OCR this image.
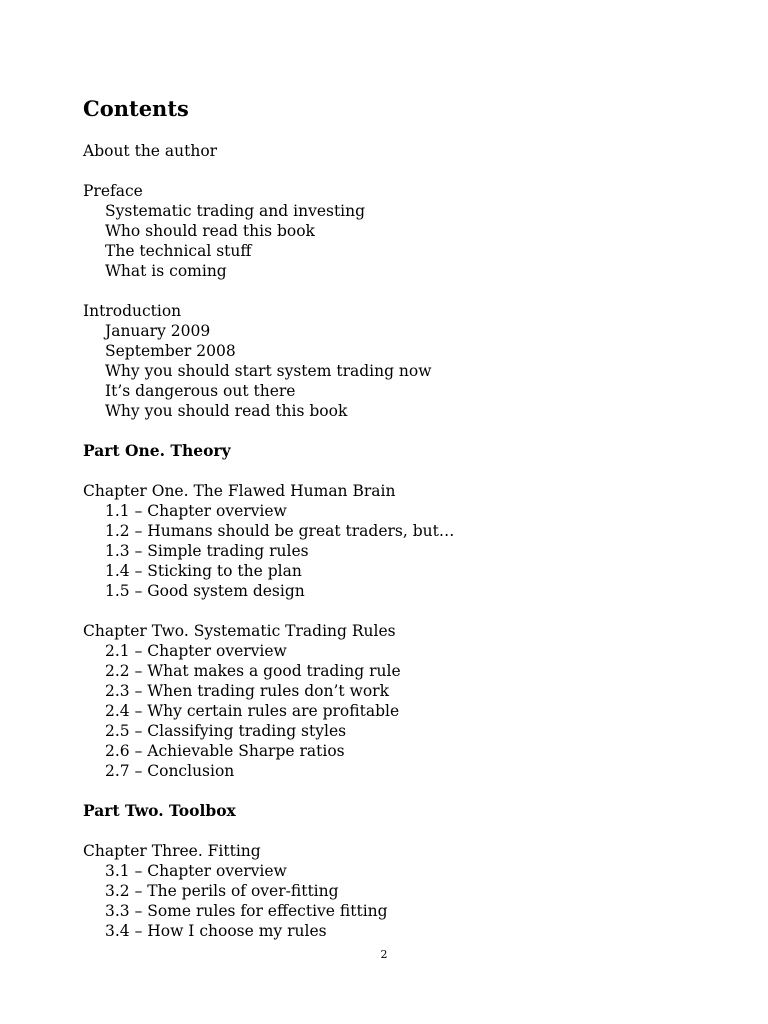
Contents
About the author
Preface
Systematic trading and investing
Who should read this book
The technical stuff
What is coming
Introduction
January 2009
September 2008
Why you should start system trading now
It’s dangerous out there
Why you should read this book
Part One. Theory
Chapter One. The Flawed Human Brain
1.1 – Chapter overview
1.2 – Humans should be great traders, but…
1.3 – Simple trading rules
1.4 – Sticking to the plan
1.5 – Good system design
Chapter Two. Systematic Trading Rules
2.1 – Chapter overview
2.2 – What makes a good trading rule
2.3 – When trading rules don’t work
2.4 – Why certain rules are profitable
2.5 – Classifying trading styles
2.6 – Achievable Sharpe ratios
2.7 – Conclusion
Part Two. Toolbox
Chapter Three. Fitting
3.1 – Chapter overview
3.2 – The perils of over-fitting
3.3 – Some rules for effective fitting
3.4 – How I choose my rules
2
